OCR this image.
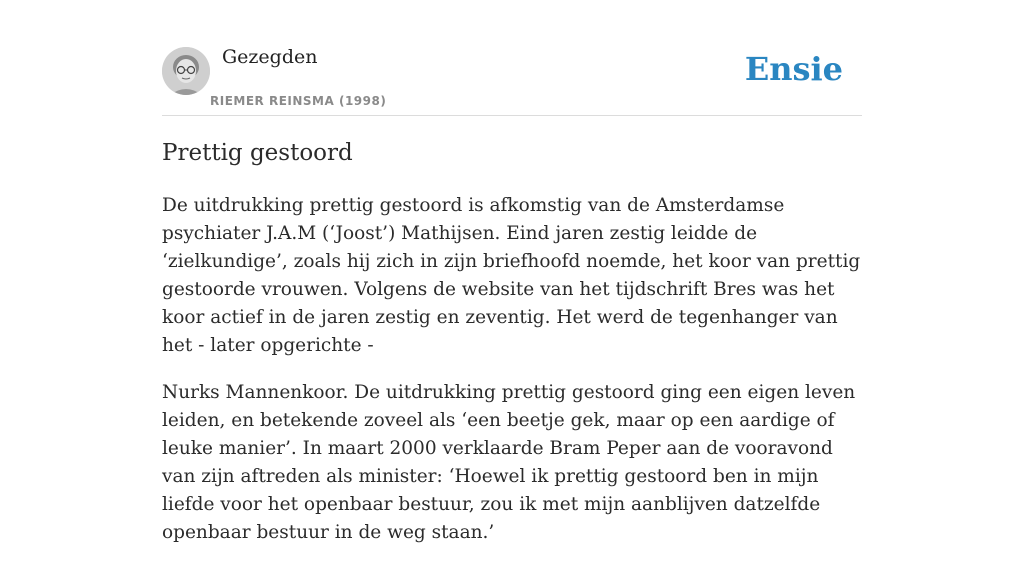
Gezegden
RIEMER REINSMA (1998)
Ensie
Prettig gestoord

De uitdrukking prettig gestoord is afkomstig van de Amsterdamse psychiater J.A.M (‘Joost’) Mathijsen. Eind jaren zestig leidde de ‘zielkundige’, zoals hij zich in zijn briefhoofd noemde, het koor van prettig gestoorde vrouwen. Volgens de website van het tijdschrift Bres was het koor actief in de jaren zestig en zeventig. Het werd de tegenhanger van het - later opgerichte -

Nurks Mannenkoor. De uitdrukking prettig gestoord ging een eigen leven leiden, en betekende zoveel als ‘een beetje gek, maar op een aardige of leuke manier’. In maart 2000 verklaarde Bram Peper aan de vooravond van zijn aftreden als minister: ‘Hoewel ik prettig gestoord ben in mijn liefde voor het openbaar bestuur, zou ik met mijn aanblijven datzelfde openbaar bestuur in de weg staan.’
